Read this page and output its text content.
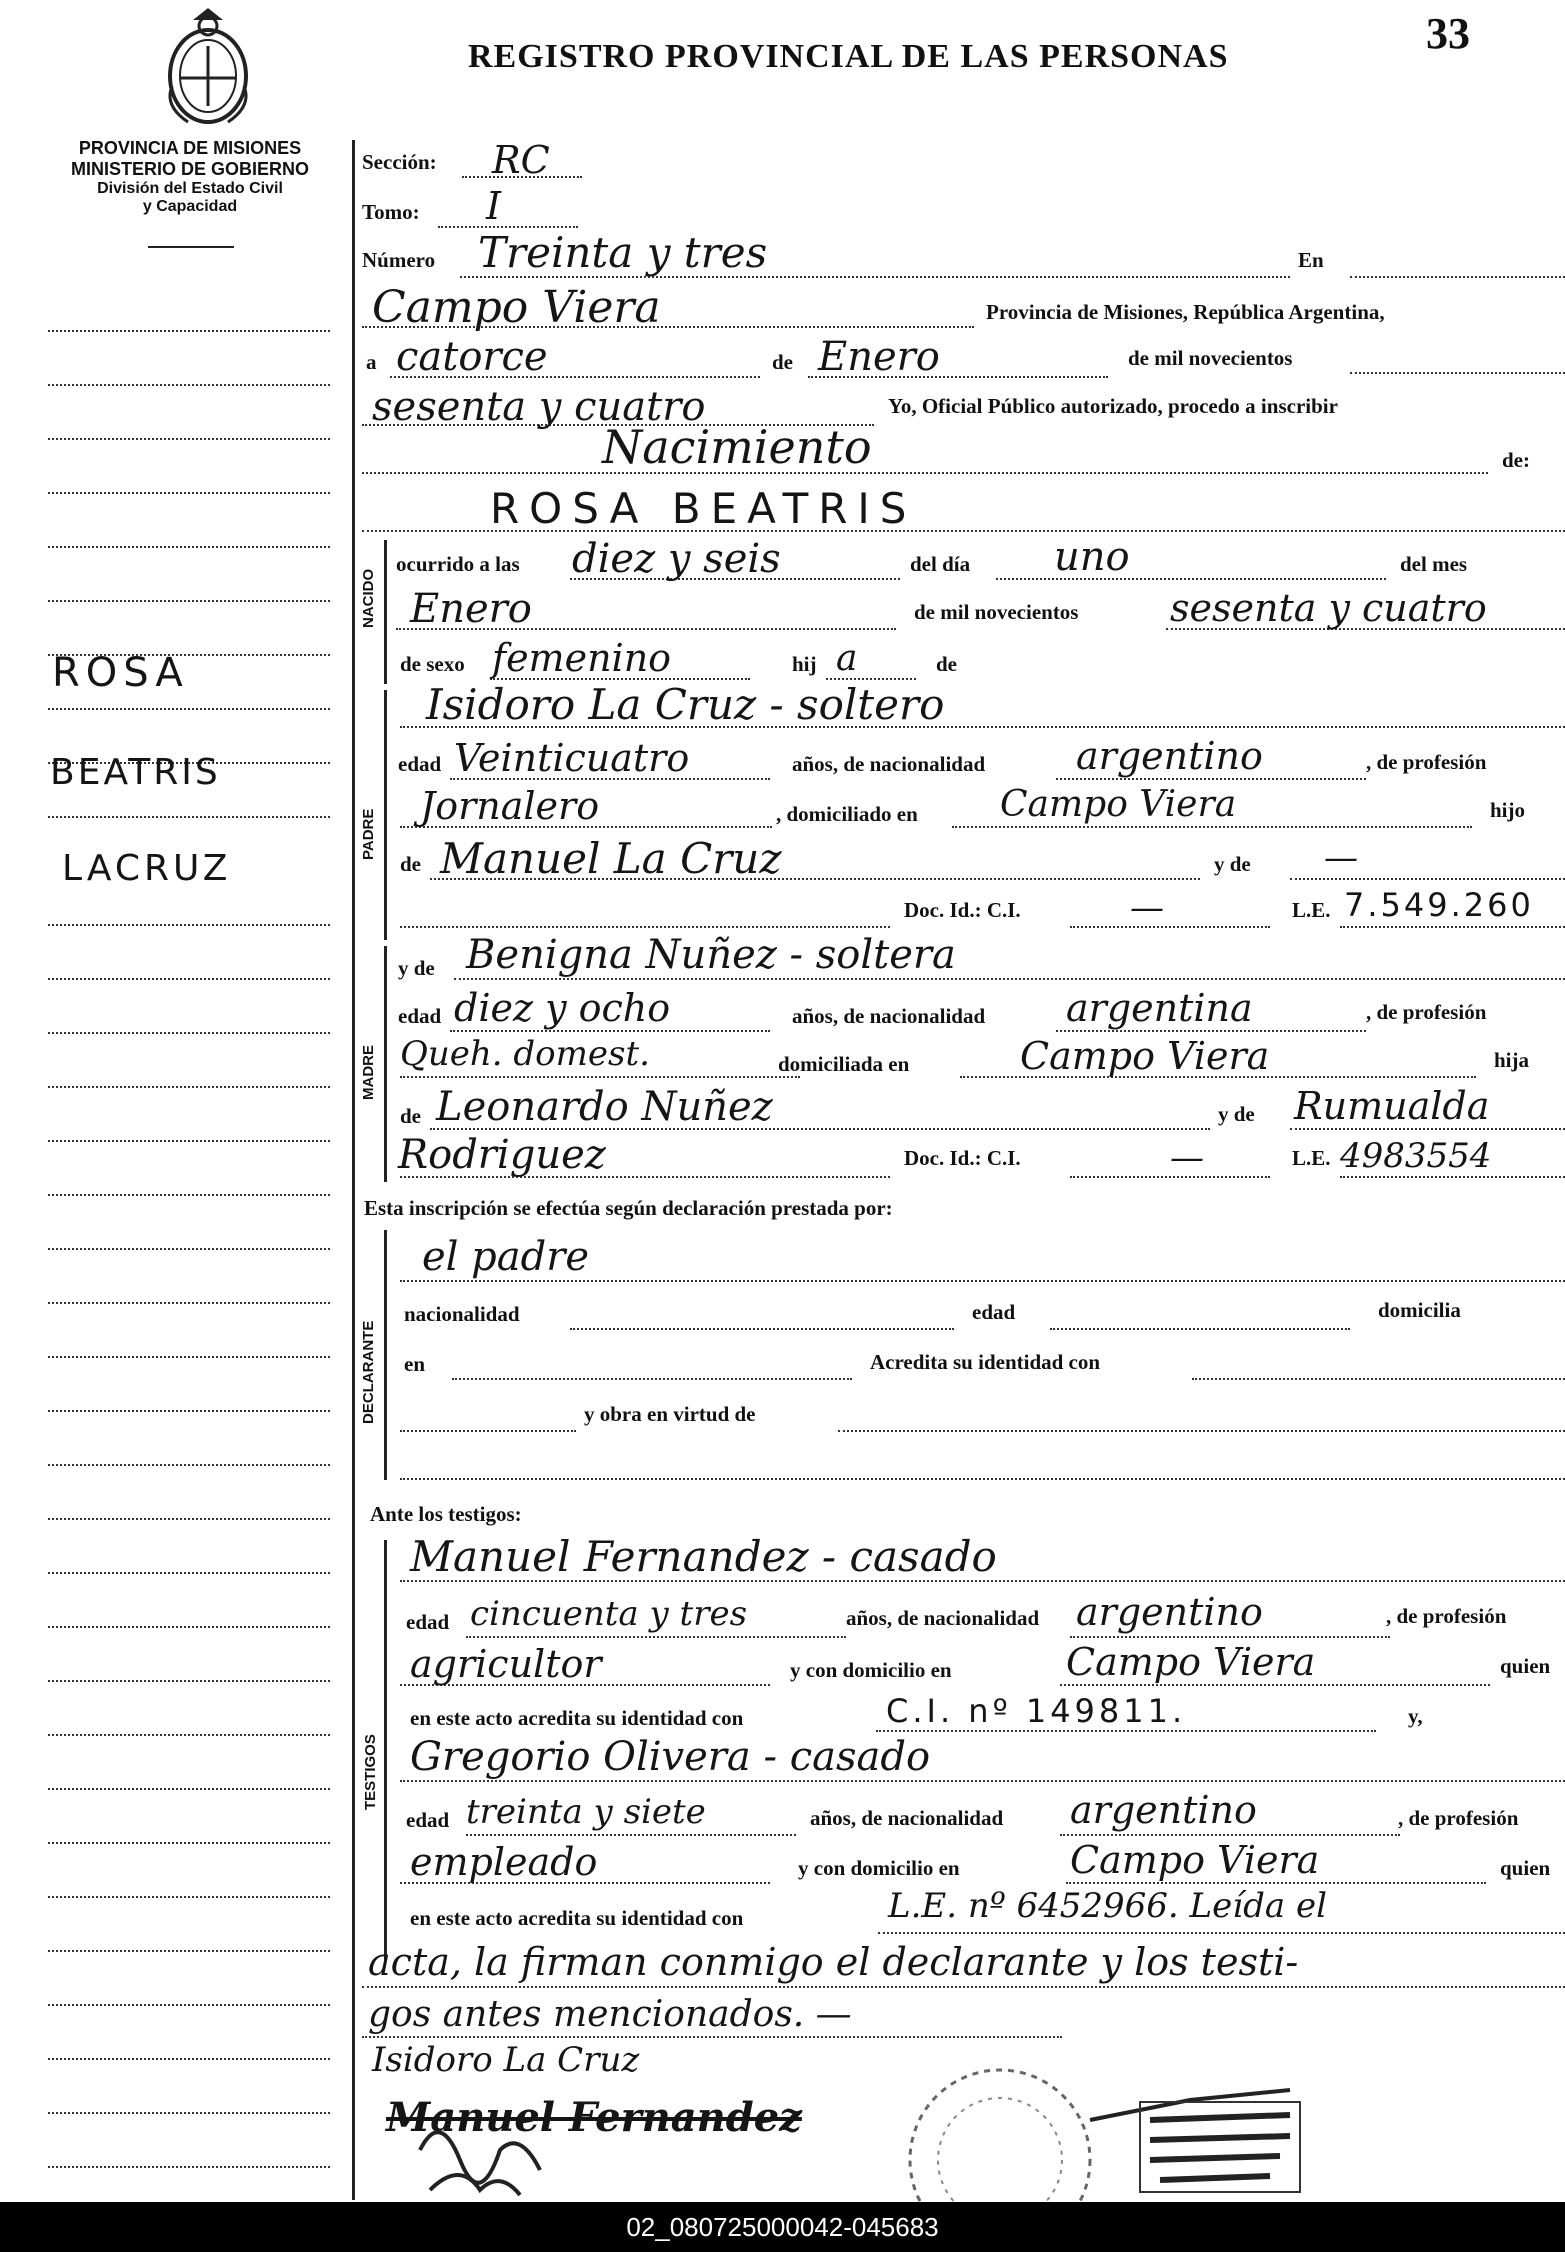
33
REGISTRO PROVINCIAL DE LAS PERSONAS
PROVINCIA DE MISIONES
MINISTERIO DE GOBIERNO
División del Estado Civil
y Capacidad
ROSA
BEATRIS
LACRUZ
Sección: RC
Tomo: I
Número Treinta y tres	En
Campo Viera	Provincia de Misiones, República Argentina,
a catorce	de Enero	de mil novecientos
sesenta y cuatro	Yo, Oficial Público autorizado, procedo a inscribir
Nacimiento	de:
ROSA BEATRIS
NACIDO
ocurrido a las diez y seis	del día uno	del mes
Enero	de mil novecientos sesenta y cuatro
de sexo femenino	hij a	de
PADRE
Isidoro La Cruz - soltero
edad Veinticuatro	años, de nacionalidad argentino	, de profesión
Jornalero	, domiciliado en Campo Viera	hijo
de Manuel La Cruz	y de —
Doc. Id.: C.I.	—	L.E. 7.549.260
MADRE
y de Benigna Nuñez - soltera
edad diez y ocho	años, de nacionalidad argentina	, de profesión
Queh. domest.	domiciliada en	Campo Viera	hija
de Leonardo Nuñez	y de Rumualda
Rodriguez	Doc. Id.: C.I.	—	L.E. 4983554
Esta inscripción se efectúa según declaración prestada por:
DECLARANTE
el padre
nacionalidad	edad	domicilia
en	Acredita su identidad con
y obra en virtud de
Ante los testigos:
TESTIGOS
Manuel Fernandez - casado
edad cincuenta y tres	años, de nacionalidad argentino	, de profesión
agricultor	y con domicilio en	Campo Viera	quien
en este acto acredita su identidad con	C.I. nº 149811.	y,
Gregorio Olivera - casado
edad treinta y siete	años, de nacionalidad argentino	, de profesión
empleado	y con domicilio en	Campo Viera	quien
en este acto acredita su identidad con	L.E. nº 6452966. Leída el
acta, la firman conmigo el declarante y los testi-
gos antes mencionados. —
Isidoro La Cruz
Manuel Fernandez
02_080725000042-045683
